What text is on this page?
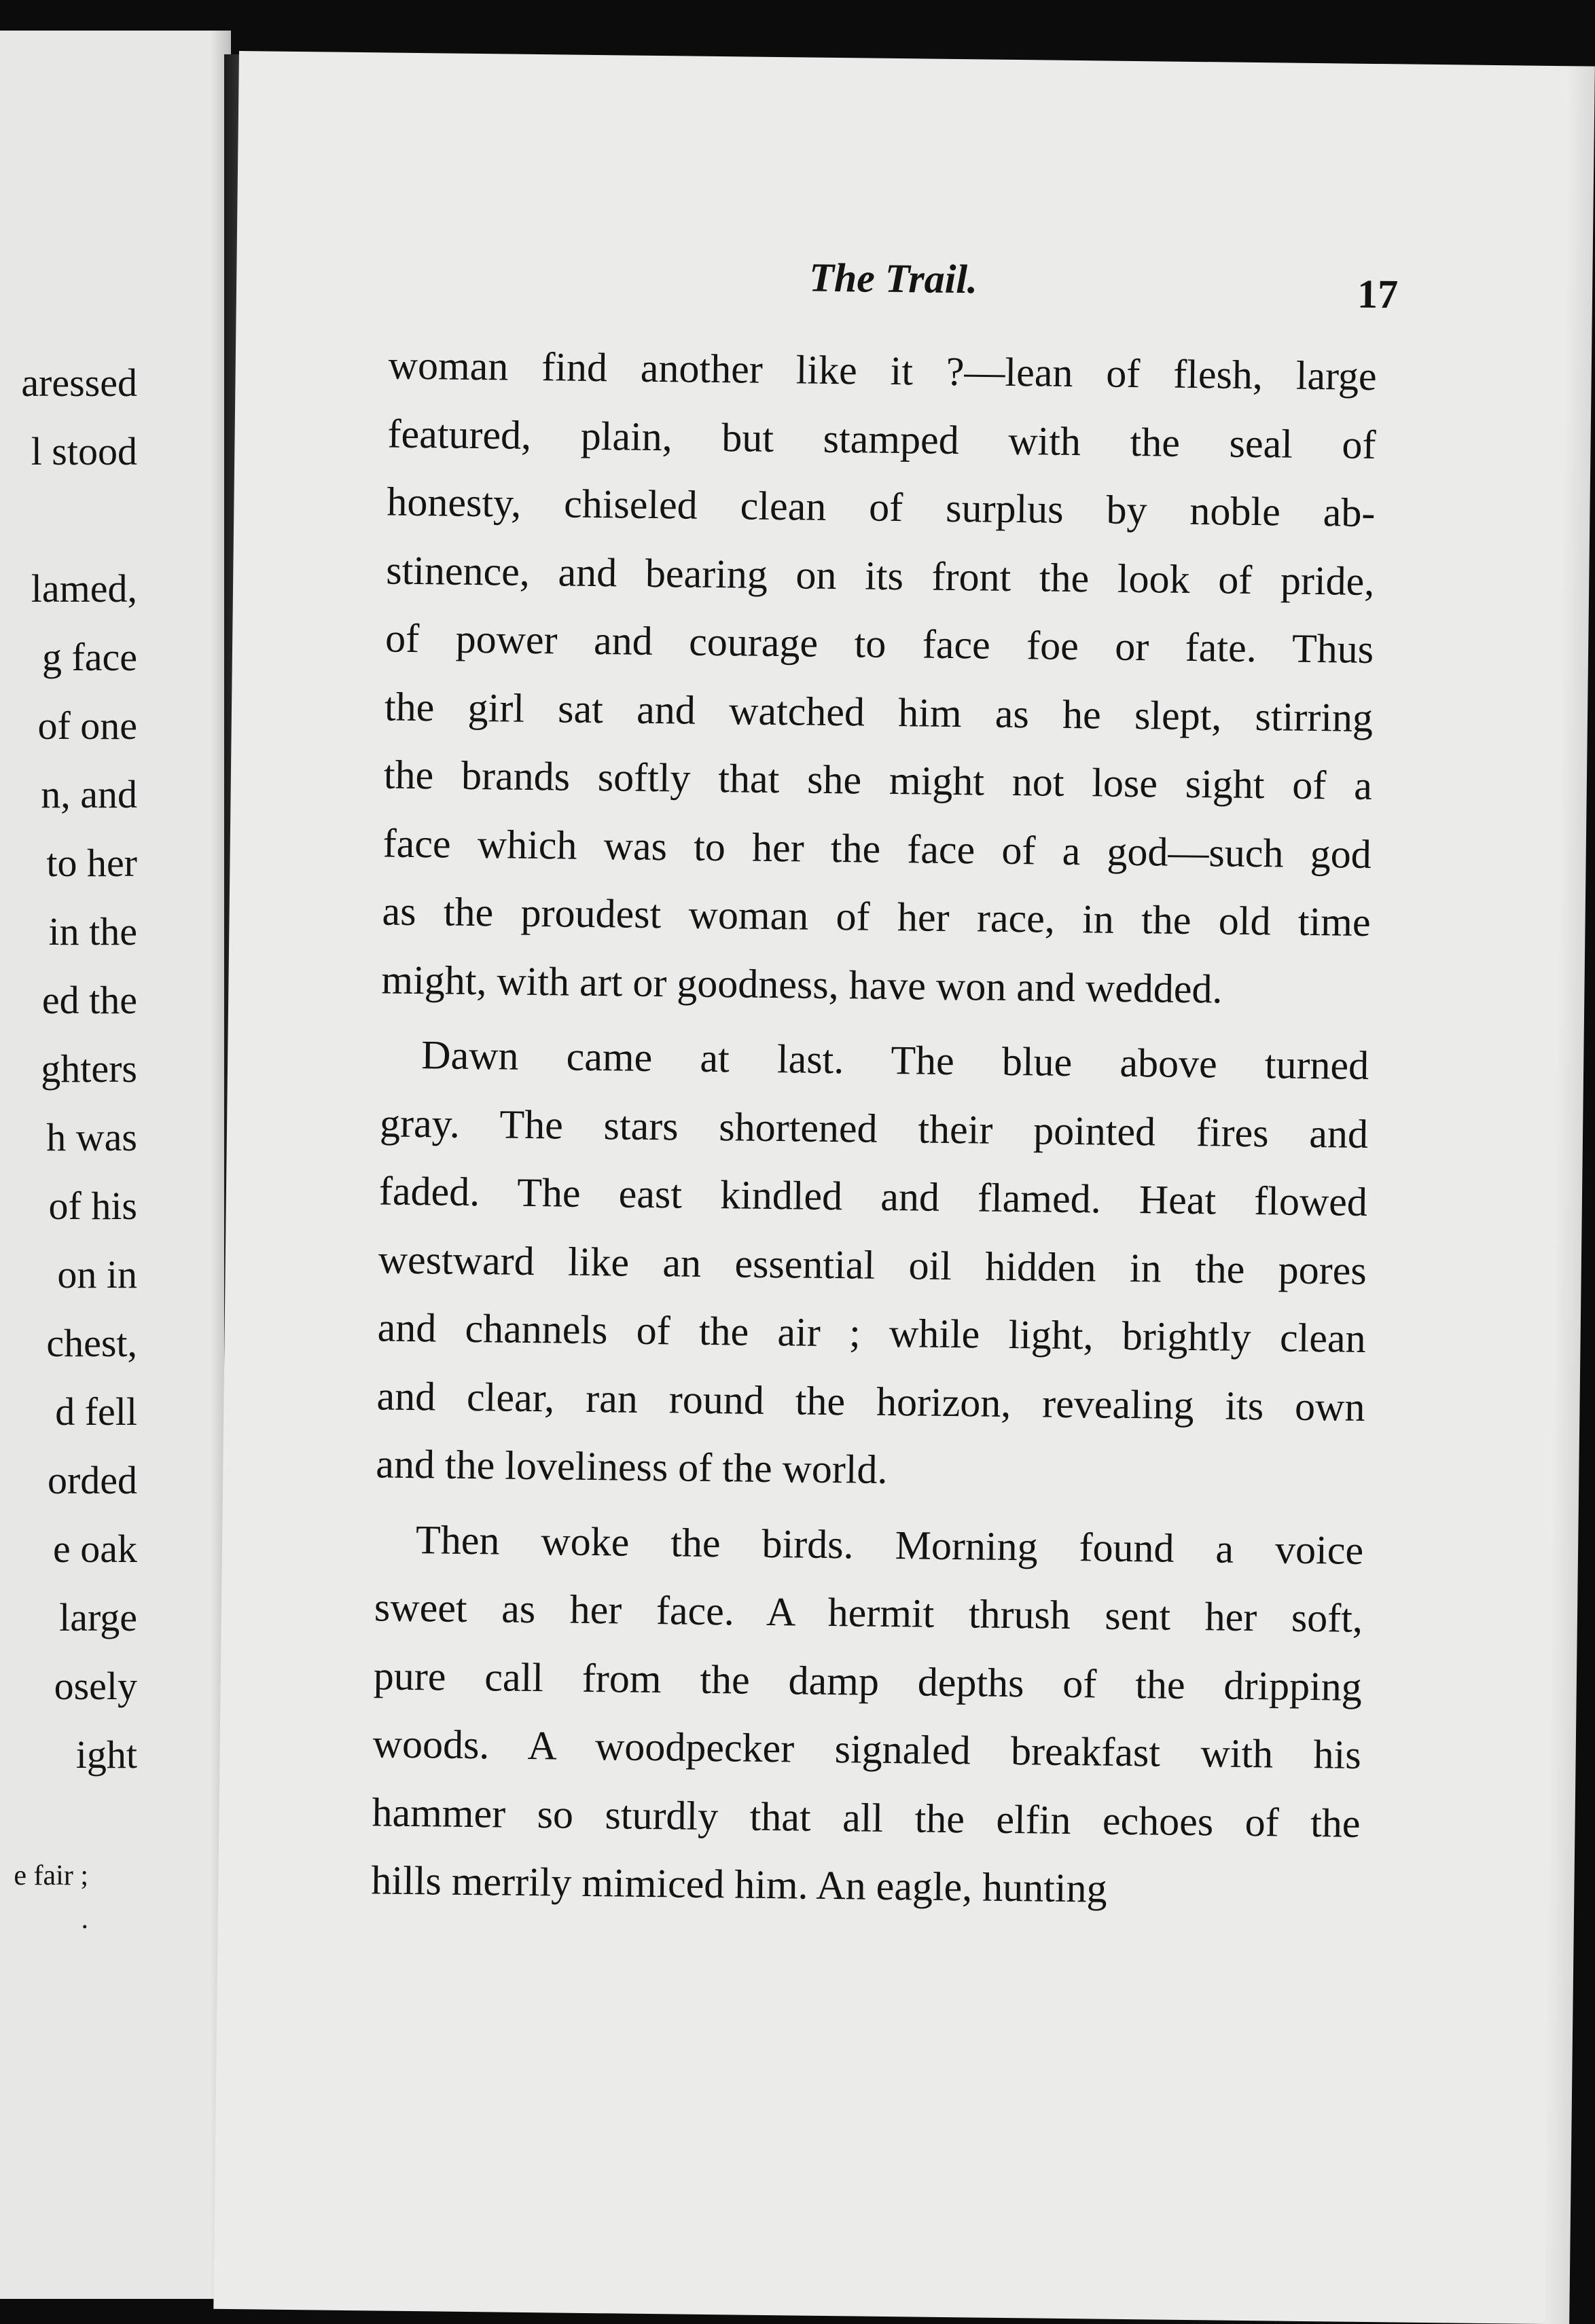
aressed
l stood
lamed,
g face
of one
n, and
to her
in the
ed the
ghters
h was
of his
on in
chest,
d fell
orded
e oak
large
osely
ight
e fair ;
.
The Trail.	17
woman find another like it ?—lean of flesh, large
featured, plain, but stamped with the seal of
honesty, chiseled clean of surplus by noble ab-
stinence, and bearing on its front the look of pride,
of power and courage to face foe or fate. Thus
the girl sat and watched him as he slept, stirring
the brands softly that she might not lose sight of a
face which was to her the face of a god—such god
as the proudest woman of her race, in the old time
might, with art or goodness, have won and wedded.
Dawn came at last. The blue above turned
gray. The stars shortened their pointed fires and
faded. The east kindled and flamed. Heat flowed
westward like an essential oil hidden in the pores
and channels of the air ; while light, brightly clean
and clear, ran round the horizon, revealing its own
and the loveliness of the world.
Then woke the birds. Morning found a voice
sweet as her face. A hermit thrush sent her soft,
pure call from the damp depths of the dripping
woods. A woodpecker signaled breakfast with his
hammer so sturdly that all the elfin echoes of the
hills merrily mimiced him. An eagle, hunting
